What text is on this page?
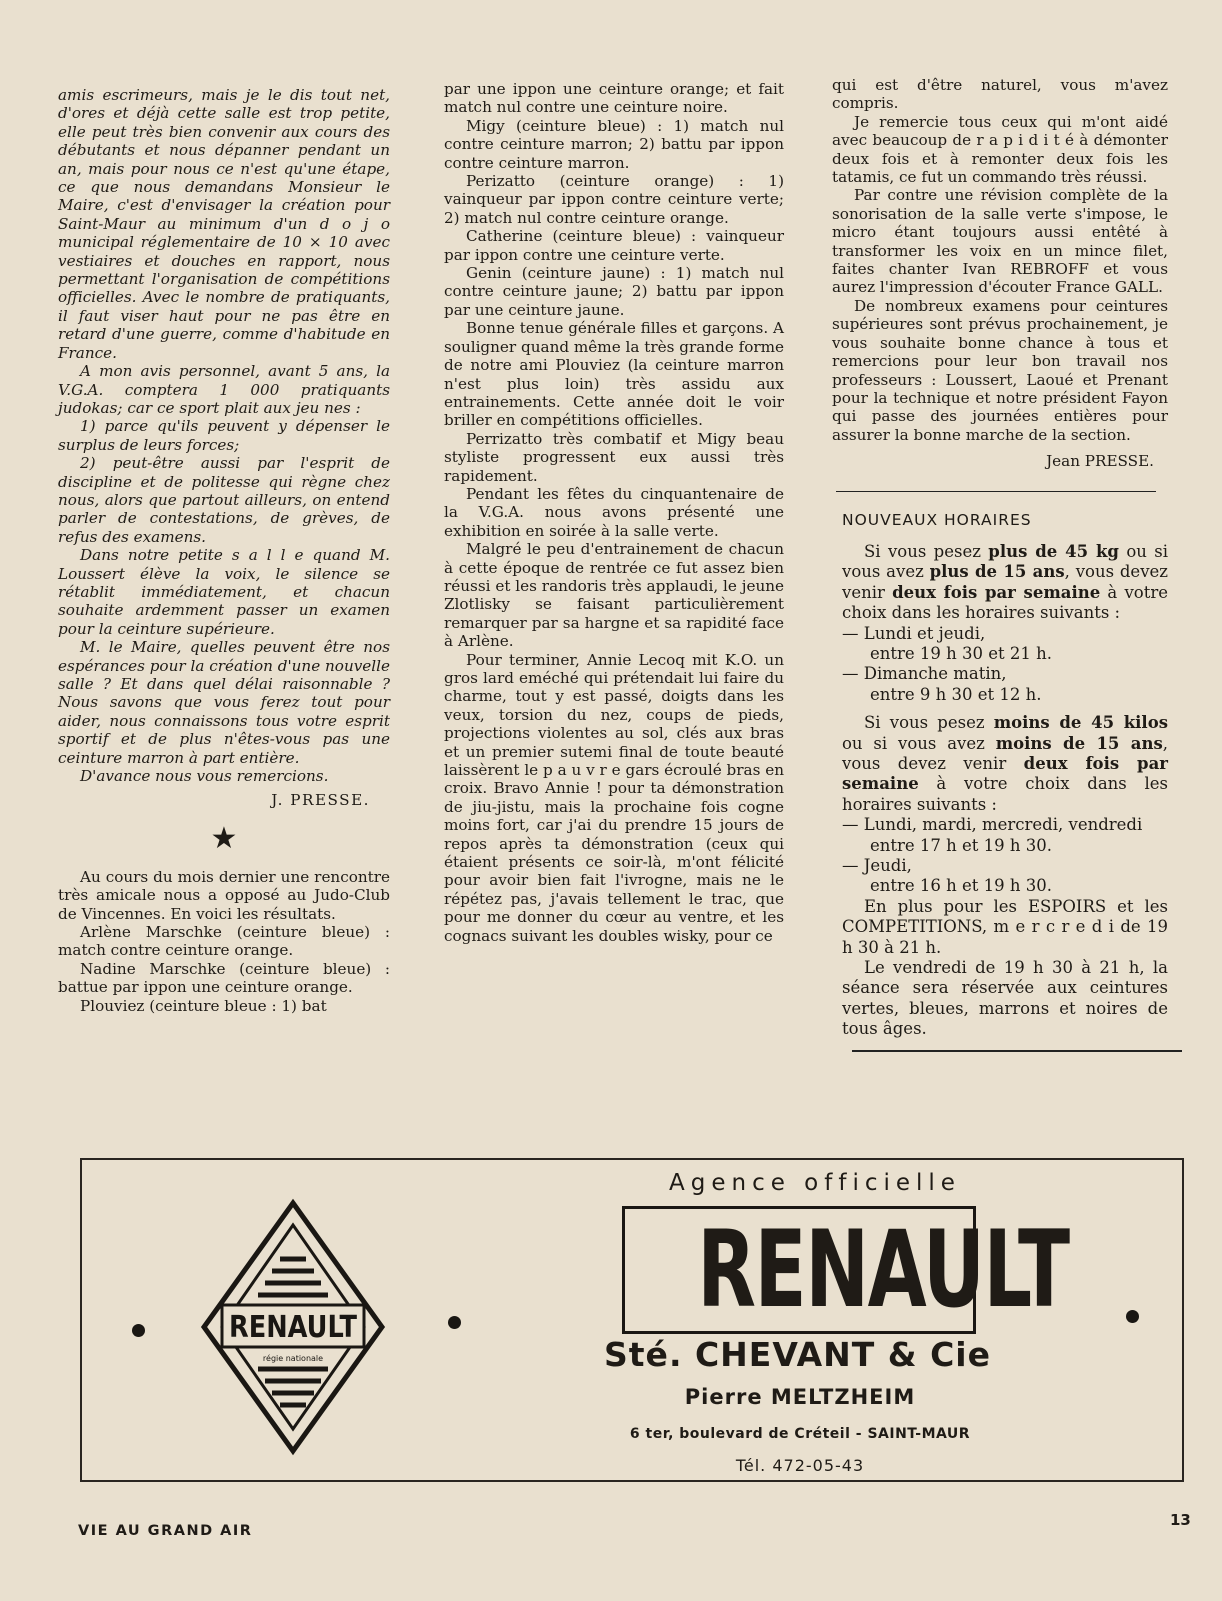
amis escrimeurs, mais je le dis tout net, d'ores et déjà cette salle est trop petite, elle peut très bien convenir aux cours des débutants et nous dépanner pendant un an, mais pour nous ce n'est qu'une étape, ce que nous demandans Monsieur le Maire, c'est d'envisager la création pour Saint-Maur au minimum d'un d o j o municipal réglementaire de 10 × 10 avec vestiaires et douches en rapport, nous permettant l'organisation de compétitions officielles. Avec le nombre de pratiquants, il faut viser haut pour ne pas être en retard d'une guerre, comme d'habitude en France.

A mon avis personnel, avant 5 ans, la V.G.A. comptera 1 000 pratiquants judokas; car ce sport plait aux jeu nes :

1) parce qu'ils peuvent y dépenser le surplus de leurs forces;

2) peut-être aussi par l'esprit de discipline et de politesse qui règne chez nous, alors que partout ailleurs, on entend parler de contestations, de grèves, de refus des examens.

Dans notre petite s a l l e quand M. Loussert élève la voix, le silence se rétablit immédiatement, et chacun souhaite ardemment passer un examen pour la ceinture supérieure.

M. le Maire, quelles peuvent être nos espérances pour la création d'une nouvelle salle ? Et dans quel délai raisonnable ? Nous savons que vous ferez tout pour aider, nous connaissons tous votre esprit sportif et de plus n'êtes-vous pas une ceinture marron à part entière.

D'avance nous vous remercions.

J. PRESSE.

★

Au cours du mois dernier une rencontre très amicale nous a opposé au Judo-Club de Vincennes. En voici les résultats.

Arlène Marschke (ceinture bleue) : match contre ceinture orange.

Nadine Marschke (ceinture bleue) : battue par ippon une ceinture orange.

Plouviez (ceinture bleue : 1) bat

par une ippon une ceinture orange; et fait match nul contre une ceinture noire.

Migy (ceinture bleue) : 1) match nul contre ceinture marron; 2) battu par ippon contre ceinture marron.

Perizatto (ceinture orange) : 1) vainqueur par ippon contre ceinture verte; 2) match nul contre ceinture orange.

Catherine (ceinture bleue) : vainqueur par ippon contre une ceinture verte.

Genin (ceinture jaune) : 1) match nul contre ceinture jaune; 2) battu par ippon par une ceinture jaune.

Bonne tenue générale filles et garçons. A souligner quand même la très grande forme de notre ami Plouviez (la ceinture marron n'est plus loin) très assidu aux entrainements. Cette année doit le voir briller en compétitions officielles.

Perrizatto très combatif et Migy beau styliste progressent eux aussi très rapidement.

Pendant les fêtes du cinquantenaire de la V.G.A. nous avons présenté une exhibition en soirée à la salle verte.

Malgré le peu d'entrainement de chacun à cette époque de rentrée ce fut assez bien réussi et les randoris très applaudi, le jeune Zlotlisky se faisant particulièrement remarquer par sa hargne et sa rapidité face à Arlène.

Pour terminer, Annie Lecoq mit K.O. un gros lard eméché qui prétendait lui faire du charme, tout y est passé, doigts dans les veux, torsion du nez, coups de pieds, projections violentes au sol, clés aux bras et un premier sutemi final de toute beauté laissèrent le p a u v r e gars écroulé bras en croix. Bravo Annie ! pour ta démonstration de jiu-jistu, mais la prochaine fois cogne moins fort, car j'ai du prendre 15 jours de repos après ta démonstration (ceux qui étaient présents ce soir-là, m'ont félicité pour avoir bien fait l'ivrogne, mais ne le répétez pas, j'avais tellement le trac, que pour me donner du cœur au ventre, et les cognacs suivant les doubles wisky, pour ce

qui est d'être naturel, vous m'avez compris.

Je remercie tous ceux qui m'ont aidé avec beaucoup de r a p i d i t é à démonter deux fois et à remonter deux fois les tatamis, ce fut un commando très réussi.

Par contre une révision complète de la sonorisation de la salle verte s'impose, le micro étant toujours aussi entêté à transformer les voix en un mince filet, faites chanter Ivan REBROFF et vous aurez l'impression d'écouter France GALL.

De nombreux examens pour ceintures supérieures sont prévus prochainement, je vous souhaite bonne chance à tous et remercions pour leur bon travail nos professeurs : Loussert, Laoué et Prenant pour la technique et notre président Fayon qui passe des journées entières pour assurer la bonne marche de la section.

Jean PRESSE.

NOUVEAUX HORAIRES

Si vous pesez plus de 45 kg ou si vous avez plus de 15 ans, vous devez venir deux fois par semaine à votre choix dans les horaires suivants :

— Lundi et jeudi,

entre 19 h 30 et 21 h.

— Dimanche matin,

entre 9 h 30 et 12 h.

Si vous pesez moins de 45 kilos ou si vous avez moins de 15 ans, vous devez venir deux fois par semaine à votre choix dans les horaires suivants :

— Lundi, mardi, mercredi, vendredi

entre 17 h et 19 h 30.

— Jeudi,

entre 16 h et 19 h 30.

En plus pour les ESPOIRS et les COMPETITIONS, m e r c r e d i de 19 h 30 à 21 h.

Le vendredi de 19 h 30 à 21 h, la séance sera réservée aux ceintures vertes, bleues, marrons et noires de tous âges.

RENAULT
régie nationale
Agence officielle
RENAULT
Sté. CHEVANT & Cie
Pierre MELTZHEIM
6 ter, boulevard de Créteil - SAINT-MAUR
Tél. 472-05-43
VIE AU GRAND AIR
13
